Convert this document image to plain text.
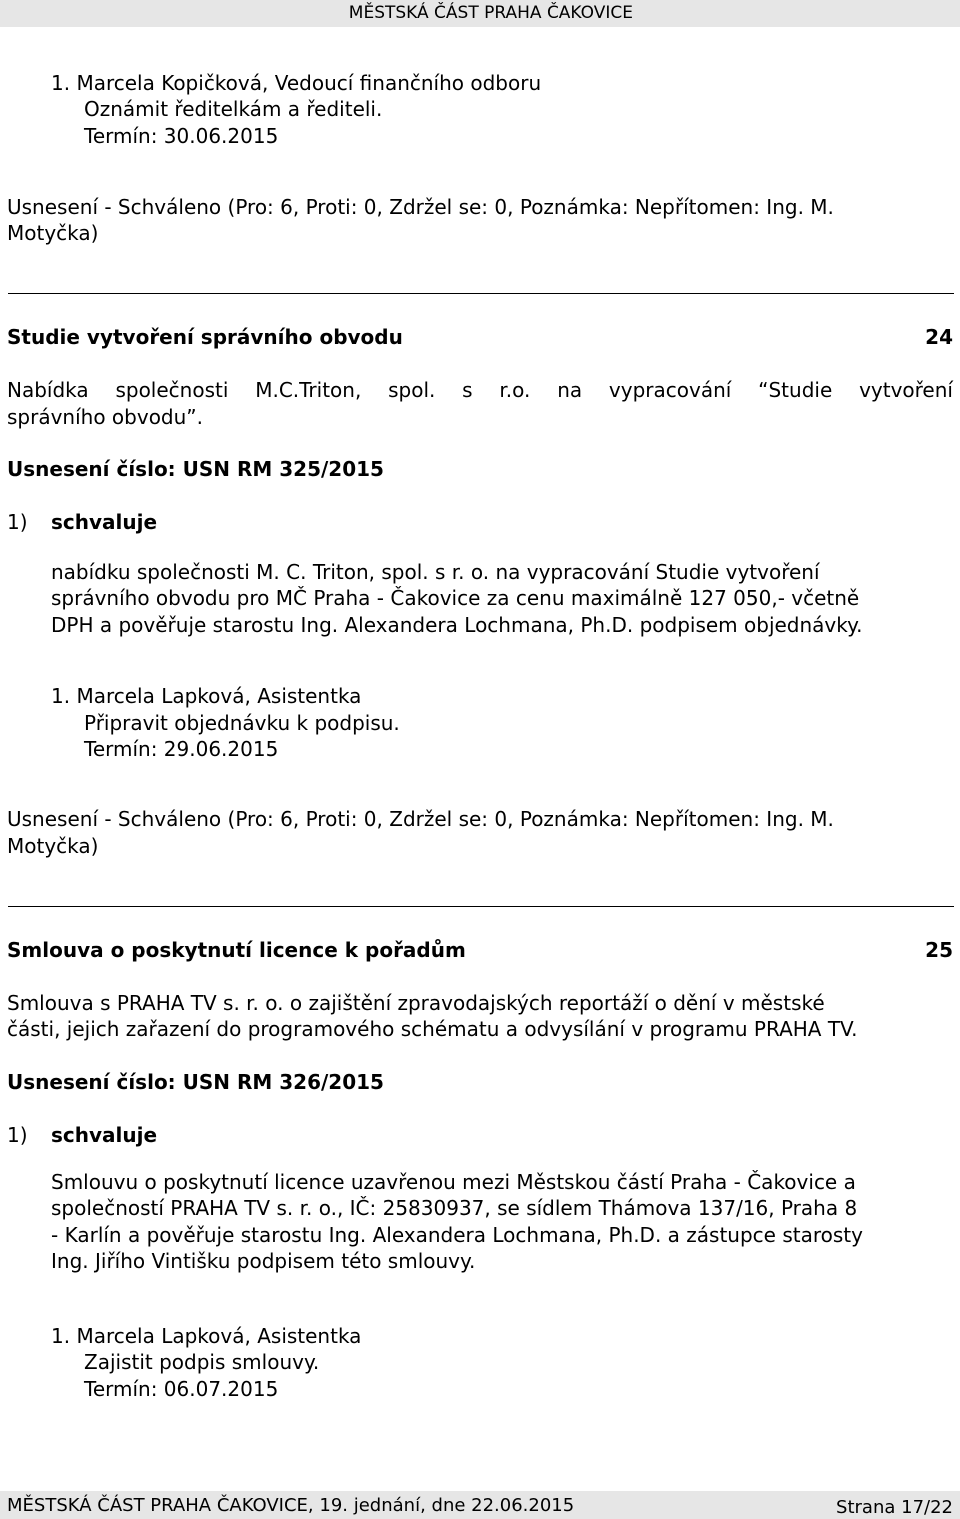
MĚSTSKÁ ČÁST PRAHA ČAKOVICE
1. Marcela Kopičková, Vedoucí finančního odboru
Oznámit ředitelkám a řediteli.
Termín: 30.06.2015
Usnesení - Schváleno (Pro: 6, Proti: 0, Zdržel se: 0, Poznámka: Nepřítomen: Ing. M.
Motyčka)
Studie vytvoření správního obvodu	24
Nabídka společnosti M.C.Triton, spol. s r.o. na vypracování “Studie vytvoření
správního obvodu”.
Usnesení číslo: USN RM 325/2015
1) schvaluje
nabídku společnosti M. C. Triton, spol. s r. o. na vypracování Studie vytvoření
správního obvodu pro MČ Praha - Čakovice za cenu maximálně 127 050,- včetně
DPH a pověřuje starostu Ing. Alexandera Lochmana, Ph.D. podpisem objednávky.
1. Marcela Lapková, Asistentka
Připravit objednávku k podpisu.
Termín: 29.06.2015
Usnesení - Schváleno (Pro: 6, Proti: 0, Zdržel se: 0, Poznámka: Nepřítomen: Ing. M.
Motyčka)
Smlouva o poskytnutí licence k pořadům	25
Smlouva s PRAHA TV s. r. o. o zajištění zpravodajských reportáží o dění v městské
části, jejich zařazení do programového schématu a odvysílání v programu PRAHA TV.
Usnesení číslo: USN RM 326/2015
1) schvaluje
Smlouvu o poskytnutí licence uzavřenou mezi Městskou částí Praha - Čakovice a
společností PRAHA TV s. r. o., IČ: 25830937, se sídlem Thámova 137/16, Praha 8
- Karlín a pověřuje starostu Ing. Alexandera Lochmana, Ph.D. a zástupce starosty
Ing. Jiřího Vintišku podpisem této smlouvy.
1. Marcela Lapková, Asistentka
Zajistit podpis smlouvy.
Termín: 06.07.2015
MĚSTSKÁ ČÁST PRAHA ČAKOVICE, 19. jednání, dne 22.06.2015	Strana 17/22
